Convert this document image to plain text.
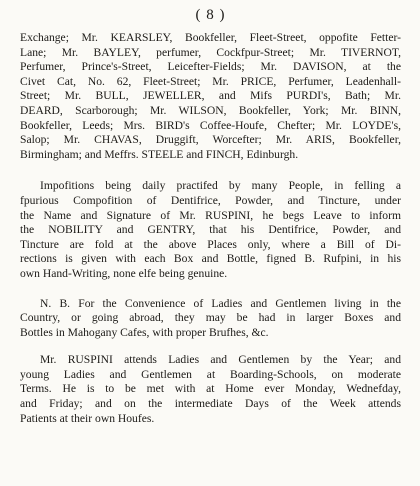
( 8 )

Exchange; Mr. KEARSLEY, Bookfeller, Fleet-Street, oppofite Fetter-
Lane; Mr. BAYLEY, perfumer, Cockfpur-Street; Mr. TIVERNOT,
Perfumer, Prince's-Street, Leicefter-Fields; Mr. DAVISON, at the
Civet Cat, No. 62, Fleet-Street; Mr. PRICE, Perfumer, Leadenhall-
Street; Mr. BULL, JEWELLER, and Mifs PURDI's, Bath; Mr.
DEARD, Scarborough; Mr. WILSON, Bookfeller, York; Mr. BINN,
Bookfeller, Leeds; Mrs. BIRD's Coffee-Houfe, Chefter; Mr. LOYDE's,
Salop; Mr. CHAVAS, Druggift, Worcefter; Mr. ARIS, Bookfeller,
Birmingham; and Meffrs. STEELE and FINCH, Edinburgh.

Impofitions being daily practifed by many People, in felling a
fpurious Compofition of Dentifrice, Powder, and Tincture, under
the Name and Signature of Mr. RUSPINI, he begs Leave to inform
the NOBILITY and GENTRY, that his Dentifrice, Powder, and
Tincture are fold at the above Places only, where a Bill of Di-
rections is given with each Box and Bottle, figned B. Rufpini, in his
own Hand-Writing, none elfe being genuine.

N. B. For the Convenience of Ladies and Gentlemen living in the
Country, or going abroad, they may be had in larger Boxes and
Bottles in Mahogany Cafes, with proper Brufhes, &c.

Mr. RUSPINI attends Ladies and Gentlemen by the Year; and
young Ladies and Gentlemen at Boarding-Schools, on moderate
Terms. He is to be met with at Home ever Monday, Wednefday,
and Friday; and on the intermediate Days of the Week attends
Patients at their own Houfes.
